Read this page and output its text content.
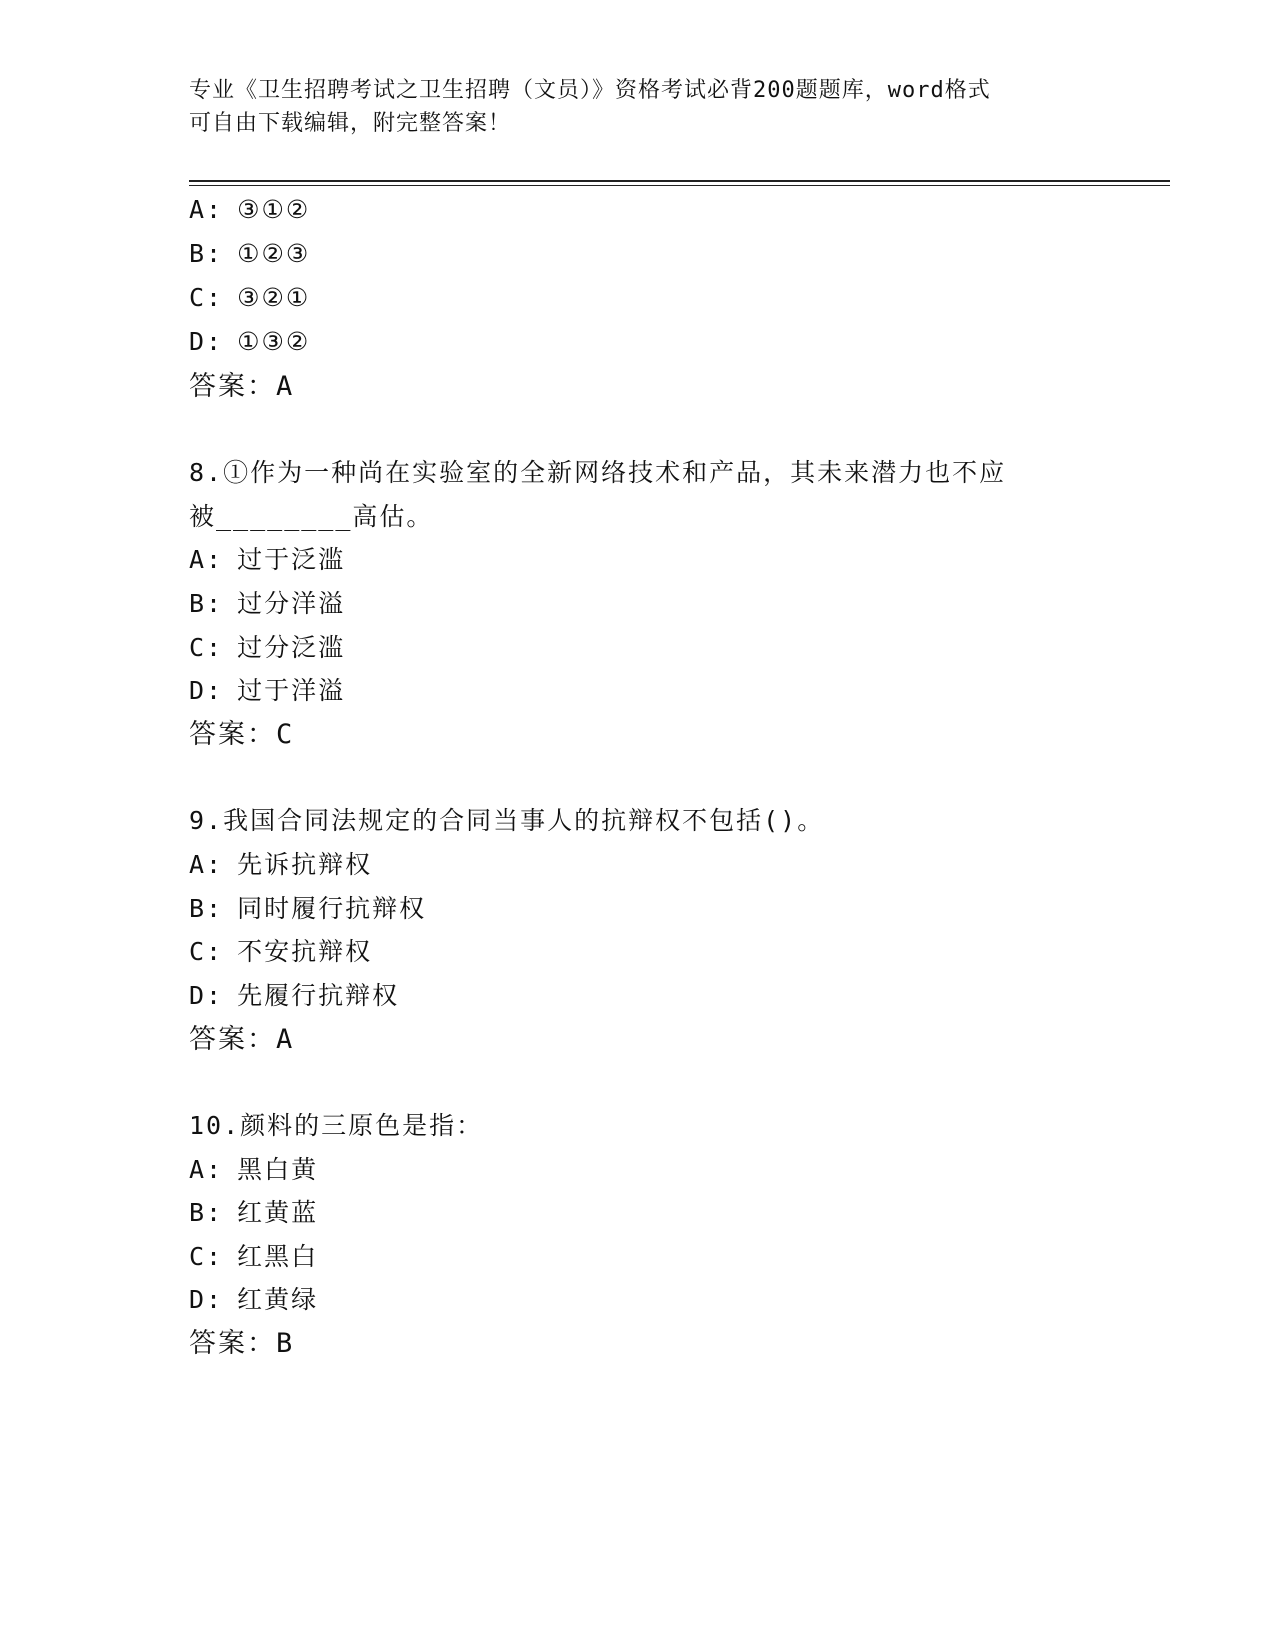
专业《卫生招聘考试之卫生招聘（文员）》资格考试必背200题题库，word格式
可自由下载编辑，附完整答案！
A: ③①②
B: ①②③
C: ③②①
D: ①③②
答案：A
8.①作为一种尚在实验室的全新网络技术和产品，其未来潜力也不应
被________高估。
A: 过于泛滥
B: 过分洋溢
C: 过分泛滥
D: 过于洋溢
答案：C
9.我国合同法规定的合同当事人的抗辩权不包括()。
A: 先诉抗辩权
B: 同时履行抗辩权
C: 不安抗辩权
D: 先履行抗辩权
答案：A
10.颜料的三原色是指：
A: 黑白黄
B: 红黄蓝
C: 红黑白
D: 红黄绿
答案：B
